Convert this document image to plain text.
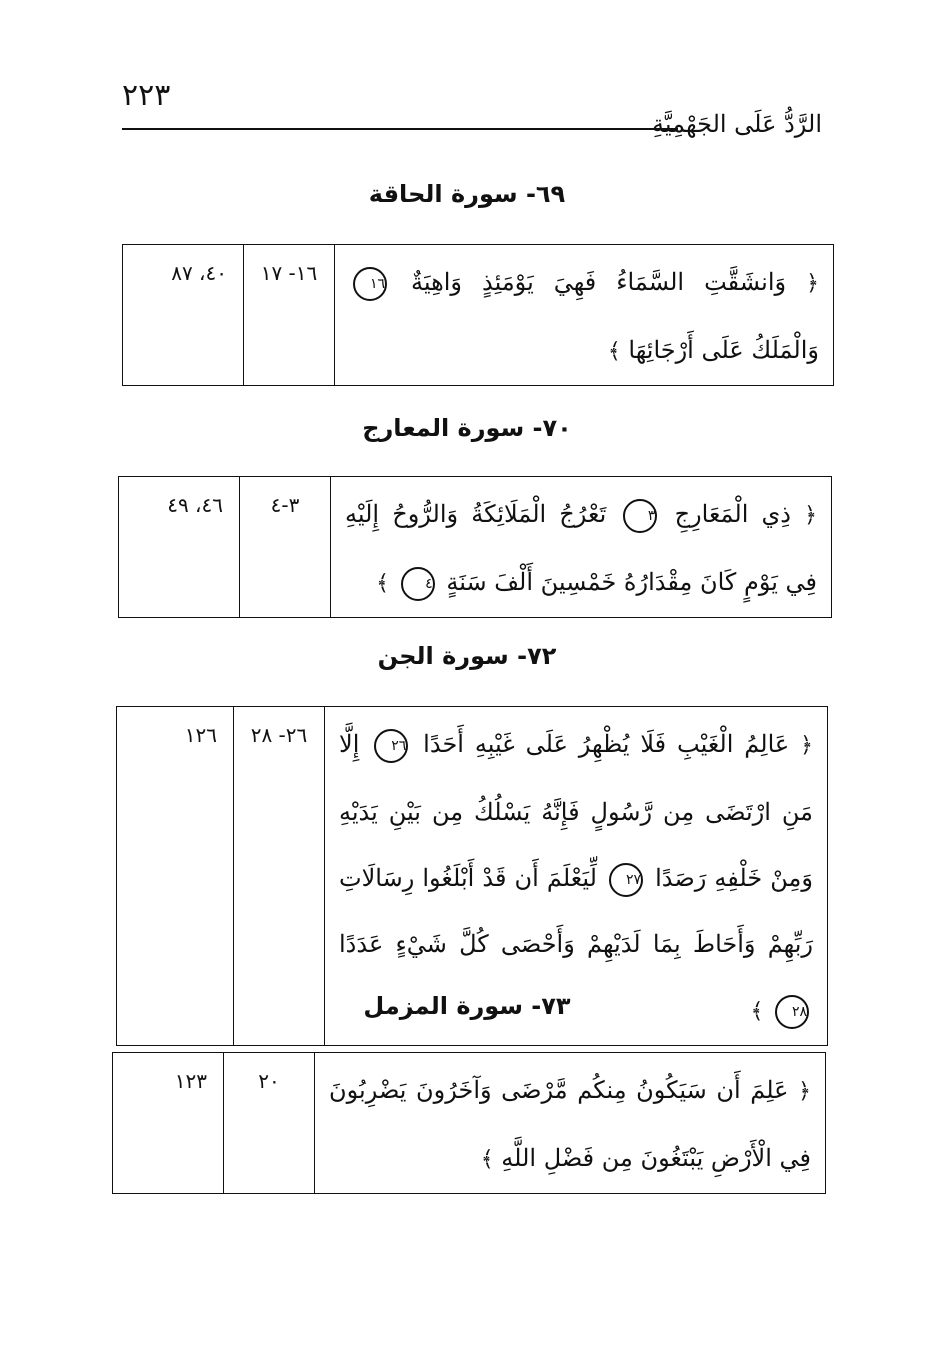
٢٢٣
الرَّدُّ عَلَى الجَهْمِيَّةِ
٦٩- سورة الحاقة
﴿ وَانشَقَّتِ السَّمَاءُ فَهِيَ يَوْمَئِذٍ وَاهِيَةٌ ١٦ وَالْمَلَكُ عَلَى أَرْجَائِهَا ﴾	١٦- ١٧	٤٠، ٨٧
٧٠- سورة المعارج
﴿ ذِي الْمَعَارِجِ ٣ تَعْرُجُ الْمَلَائِكَةُ وَالرُّوحُ إِلَيْهِ فِي يَوْمٍ كَانَ مِقْدَارُهُ خَمْسِينَ أَلْفَ سَنَةٍ ٤ ﴾	٣-٤	٤٦، ٤٩
٧٢- سورة الجن
﴿ عَالِمُ الْغَيْبِ فَلَا يُظْهِرُ عَلَى غَيْبِهِ أَحَدًا ٢٦ إِلَّا مَنِ ارْتَضَى مِن رَّسُولٍ فَإِنَّهُ يَسْلُكُ مِن بَيْنِ يَدَيْهِ وَمِنْ خَلْفِهِ رَصَدًا ٢٧ لِّيَعْلَمَ أَن قَدْ أَبْلَغُوا رِسَالَاتِ رَبِّهِمْ وَأَحَاطَ بِمَا لَدَيْهِمْ وَأَحْصَى كُلَّ شَيْءٍ عَدَدًا ٢٨ ﴾	٢٦- ٢٨	١٢٦
٧٣- سورة المزمل
﴿ عَلِمَ أَن سَيَكُونُ مِنكُم مَّرْضَى وَآخَرُونَ يَضْرِبُونَ فِي الْأَرْضِ يَبْتَغُونَ مِن فَضْلِ اللَّهِ ﴾	٢٠	١٢٣
